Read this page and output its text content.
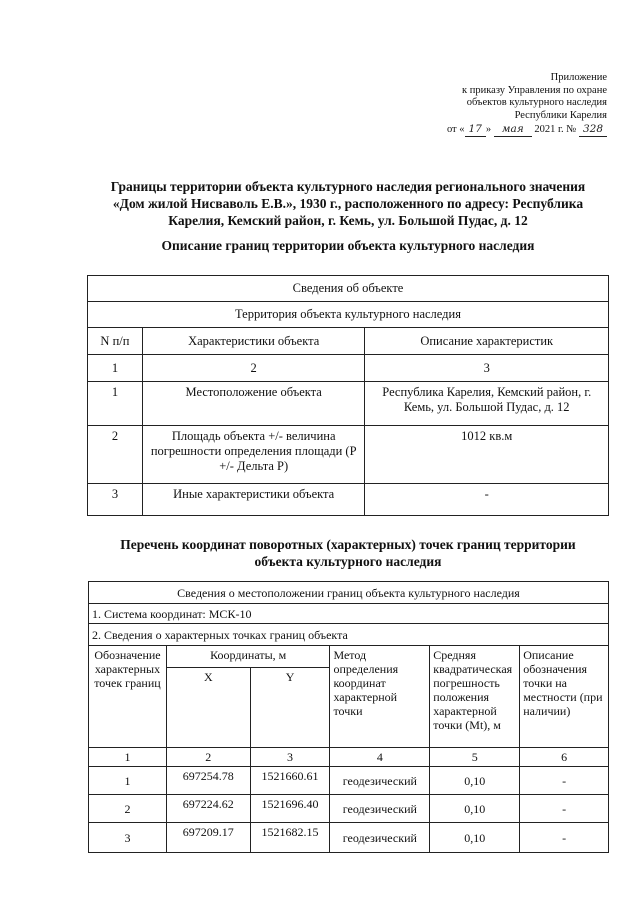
Приложение
к приказу Управления по охране
объектов культурного наследия
Республики Карелия
от « 17 » мая 2021 г. № 328
Границы территории объекта культурного наследия регионального значения
«Дом жилой Нисваволь Е.В.», 1930 г., расположенного по адресу: Республика
Карелия, Кемский район, г. Кемь, ул. Большой Пудас, д. 12
Описание границ территории объекта культурного наследия
Сведения об объекте		
Территория объекта культурного наследия		
N п/п	Характеристики объекта	Описание характеристик
1	2	3
1	Местоположение объекта	Республика Карелия, Кемский район, г. Кемь, ул. Большой Пудас, д. 12
2	Площадь объекта +/- величина погрешности определения площади (Р +/- Дельта Р)	1012 кв.м
3	Иные характеристики объекта	-
Перечень координат поворотных (характерных) точек границ территории
объекта культурного наследия
Сведения о местоположении границ объекта культурного наследия					
1. Система координат: МСК-10					
2. Сведения о характерных точках границ объекта					
Обозначение характерных точек границ	Координаты, м		Метод определения координат характерной точки	Средняя квадратическая погрешность положения характерной точки (Mt), м	Описание обозначения точки на местности (при наличии)
	X	Y			
1	2	3	4	5	6
1	697254.78	1521660.61	геодезический	0,10	-
2	697224.62	1521696.40	геодезический	0,10	-
3	697209.17	1521682.15	геодезический	0,10	-
